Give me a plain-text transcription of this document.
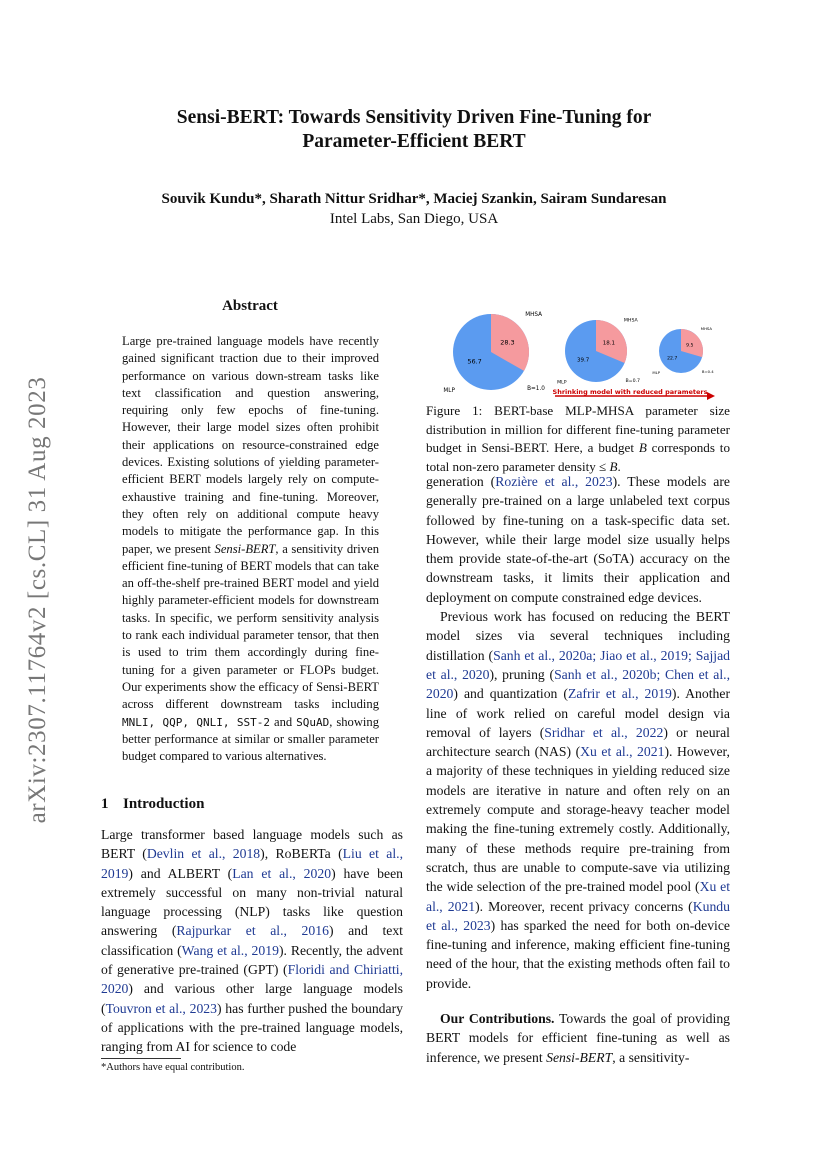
Sensi-BERT: Towards Sensitivity Driven Fine-Tuning for
Parameter-Efficient BERT
Souvik Kundu*, Sharath Nittur Sridhar*, Maciej Szankin, Sairam Sundaresan
Intel Labs, San Diego, USA
arXiv:2307.11764v2 [cs.CL] 31 Aug 2023
Abstract

Large pre-trained language models have recently gained significant traction due to their improved performance on various down-stream tasks like text classification and question answering, requiring only few epochs of fine-tuning. However, their large model sizes often prohibit their applications on resource-constrained edge devices. Existing solutions of yielding parameter-efficient BERT models largely rely on compute-exhaustive training and fine-tuning. Moreover, they often rely on additional compute heavy models to mitigate the performance gap. In this paper, we present Sensi-BERT, a sensitivity driven efficient fine-tuning of BERT models that can take an off-the-shelf pre-trained BERT model and yield highly parameter-efficient models for downstream tasks. In specific, we perform sensitivity analysis to rank each individual parameter tensor, that then is used to trim them accordingly during fine-tuning for a given parameter or FLOPs budget. Our experiments show the efficacy of Sensi-BERT across different downstream tasks including MNLI, QQP, QNLI, SST-2 and SQuAD, showing better performance at similar or smaller parameter budget compared to various alternatives.

1 Introduction

Large transformer based language models such as BERT (Devlin et al., 2018), RoBERTa (Liu et al., 2019) and ALBERT (Lan et al., 2020) have been extremely successful on many non-trivial natural language processing (NLP) tasks like question answering (Rajpurkar et al., 2016) and text classification (Wang et al., 2019). Recently, the advent of generative pre-trained (GPT) (Floridi and Chiriatti, 2020) and various other large language models (Touvron et al., 2023) has further pushed the boundary of applications with the pre-trained language models, ranging from AI for science to code

*Authors have equal contribution.
28.3
56.7
MHSA
MLP	B=1.0
18.1
39.7
MHSA
MLP	B=0.7
9.5
22.7
MHSA
MLP	B=0.4
Shrinking model with reduced parameters
Figure 1: BERT-base MLP-MHSA parameter size distribution in million for different fine-tuning parameter budget in Sensi-BERT. Here, a budget B corresponds to total non-zero parameter density ≤ B.

generation (Rozière et al., 2023). These models are generally pre-trained on a large unlabeled text corpus followed by fine-tuning on a task-specific data set. However, while their large model size usually helps them provide state-of-the-art (SoTA) accuracy on the downstream tasks, it limits their application and deployment on compute constrained edge devices.

Previous work has focused on reducing the BERT model sizes via several techniques including distillation (Sanh et al., 2020a; Jiao et al., 2019; Sajjad et al., 2020), pruning (Sanh et al., 2020b; Chen et al., 2020) and quantization (Zafrir et al., 2019). Another line of work relied on careful model design via removal of layers (Sridhar et al., 2022) or neural architecture search (NAS) (Xu et al., 2021). However, a majority of these techniques in yielding reduced size models are iterative in nature and often rely on an extremely compute and storage-heavy teacher model making the fine-tuning extremely costly. Additionally, many of these methods require pre-training from scratch, thus are unable to compute-save via utilizing the wide selection of the pre-trained model pool (Xu et al., 2021). Moreover, recent privacy concerns (Kundu et al., 2023) has sparked the need for both on-device fine-tuning and inference, making efficient fine-tuning need of the hour, that the existing methods often fail to provide.

Our Contributions. Towards the goal of providing BERT models for efficient fine-tuning as well as inference, we present Sensi-BERT, a sensitivity-
